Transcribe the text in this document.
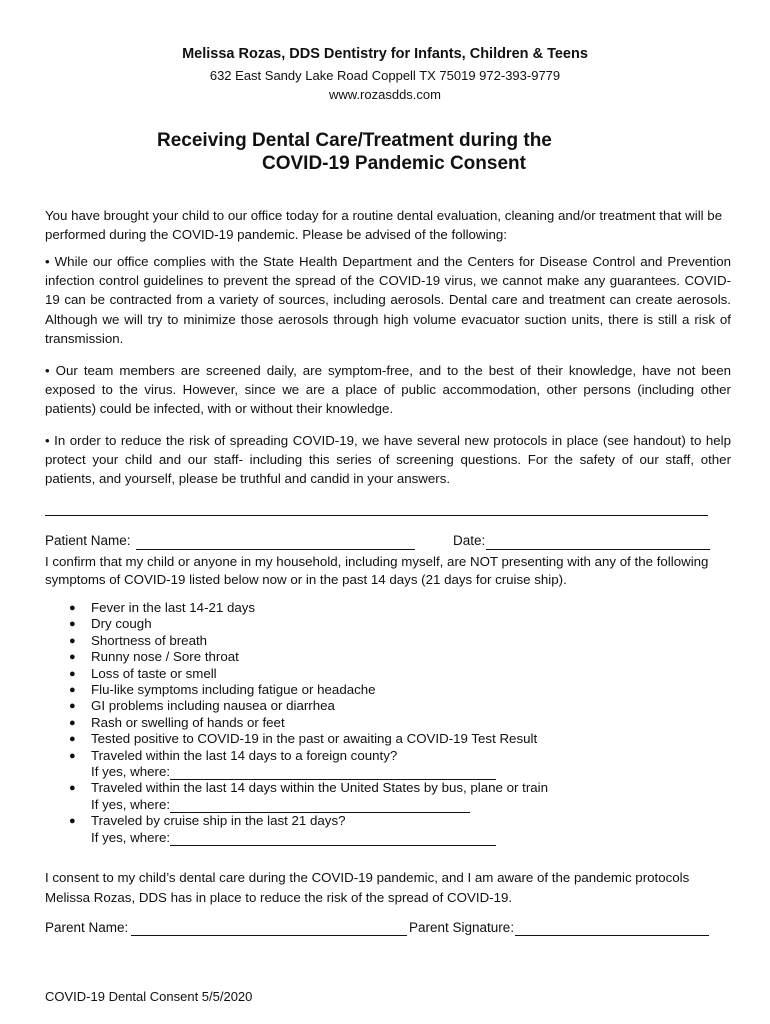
Melissa Rozas, DDS Dentistry for Infants, Children & Teens
632 East Sandy Lake Road Coppell TX 75019 972-393-9779
www.rozasdds.com
Receiving Dental Care/Treatment during the
COVID-19 Pandemic Consent
You have brought your child to our office today for a routine dental evaluation, cleaning and/or treatment that will be performed during the COVID-19 pandemic. Please be advised of the following:
• While our office complies with the State Health Department and the Centers for Disease Control and Prevention infection control guidelines to prevent the spread of the COVID-19 virus, we cannot make any guarantees. COVID-19 can be contracted from a variety of sources, including aerosols. Dental care and treatment can create aerosols. Although we will try to minimize those aerosols through high volume evacuator suction units, there is still a risk of transmission.
• Our team members are screened daily, are symptom-free, and to the best of their knowledge, have not been exposed to the virus. However, since we are a place of public accommodation, other persons (including other patients) could be infected, with or without their knowledge.
• In order to reduce the risk of spreading COVID-19, we have several new protocols in place (see handout) to help protect your child and our staff- including this series of screening questions. For the safety of our staff, other patients, and yourself, please be truthful and candid in your answers.
Patient Name:	Date:
I confirm that my child or anyone in my household, including myself, are NOT presenting with any of the following symptoms of COVID-19 listed below now or in the past 14 days (21 days for cruise ship).
● Fever in the last 14-21 days
● Dry cough
● Shortness of breath
● Runny nose / Sore throat
● Loss of taste or smell
● Flu-like symptoms including fatigue or headache
● GI problems including nausea or diarrhea
● Rash or swelling of hands or feet
● Tested positive to COVID-19 in the past or awaiting a COVID-19 Test Result
● Traveled within the last 14 days to a foreign county?
If yes, where:
● Traveled within the last 14 days within the United States by bus, plane or train
If yes, where:
● Traveled by cruise ship in the last 21 days?
If yes, where:
I consent to my child’s dental care during the COVID-19 pandemic, and I am aware of the pandemic protocols Melissa Rozas, DDS has in place to reduce the risk of the spread of COVID-19.
Parent Name:	Parent Signature:
COVID-19 Dental Consent 5/5/2020
